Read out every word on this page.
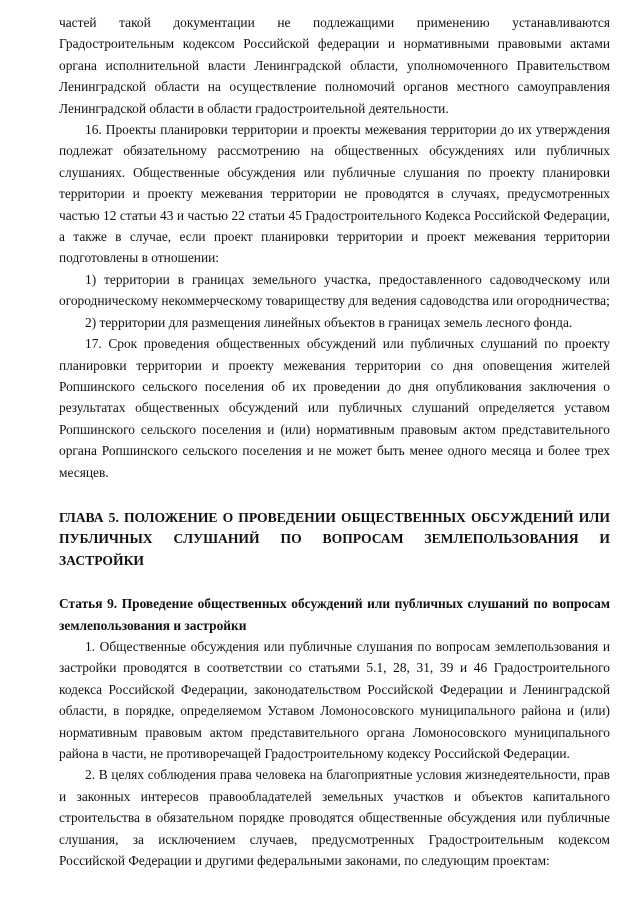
частей такой документации не подлежащими применению устанавливаются Градостроительным кодексом Российской федерации и нормативными правовыми актами органа исполнительной власти Ленинградской области, уполномоченного Правительством Ленинградской области на осуществление полномочий органов местного самоуправления Ленинградской области в области градостроительной деятельности.

16. Проекты планировки территории и проекты межевания территории до их утверждения подлежат обязательному рассмотрению на общественных обсуждениях или публичных слушаниях. Общественные обсуждения или публичные слушания по проекту планировки территории и проекту межевания территории не проводятся в случаях, предусмотренных частью 12 статьи 43 и частью 22 статьи 45 Градостроительного Кодекса Российской Федерации, а также в случае, если проект планировки территории и проект межевания территории подготовлены в отношении:

1) территории в границах земельного участка, предоставленного садоводческому или огородническому некоммерческому товариществу для ведения садоводства или огородничества;

2) территории для размещения линейных объектов в границах земель лесного фонда.

17. Срок проведения общественных обсуждений или публичных слушаний по проекту планировки территории и проекту межевания территории со дня оповещения жителей Ропшинского сельского поселения об их проведении до дня опубликования заключения о результатах общественных обсуждений или публичных слушаний определяется уставом Ропшинского сельского поселения и (или) нормативным правовым актом представительного органа Ропшинского сельского поселения и не может быть менее одного месяца и более трех месяцев.

ГЛАВА 5. ПОЛОЖЕНИЕ О ПРОВЕДЕНИИ ОБЩЕСТВЕННЫХ ОБСУЖДЕНИЙ ИЛИ ПУБЛИЧНЫХ СЛУШАНИЙ ПО ВОПРОСАМ ЗЕМЛЕПОЛЬЗОВАНИЯ И ЗАСТРОЙКИ
Статья 9. Проведение общественных обсуждений или публичных слушаний по вопросам землепользования и застройки

1. Общественные обсуждения или публичные слушания по вопросам землепользования и застройки проводятся в соответствии со статьями 5.1, 28, 31, 39 и 46 Градостроительного кодекса Российской Федерации, законодательством Российской Федерации и Ленинградской области, в порядке, определяемом Уставом Ломоносовского муниципального района и (или) нормативным правовым актом представительного органа Ломоносовского муниципального района в части, не противоречащей Градостроительному кодексу Российской Федерации.

2. В целях соблюдения права человека на благоприятные условия жизнедеятельности, прав и законных интересов правообладателей земельных участков и объектов капитального строительства в обязательном порядке проводятся общественные обсуждения или публичные слушания, за исключением случаев, предусмотренных Градостроительным кодексом Российской Федерации и другими федеральными законами, по следующим проектам:
